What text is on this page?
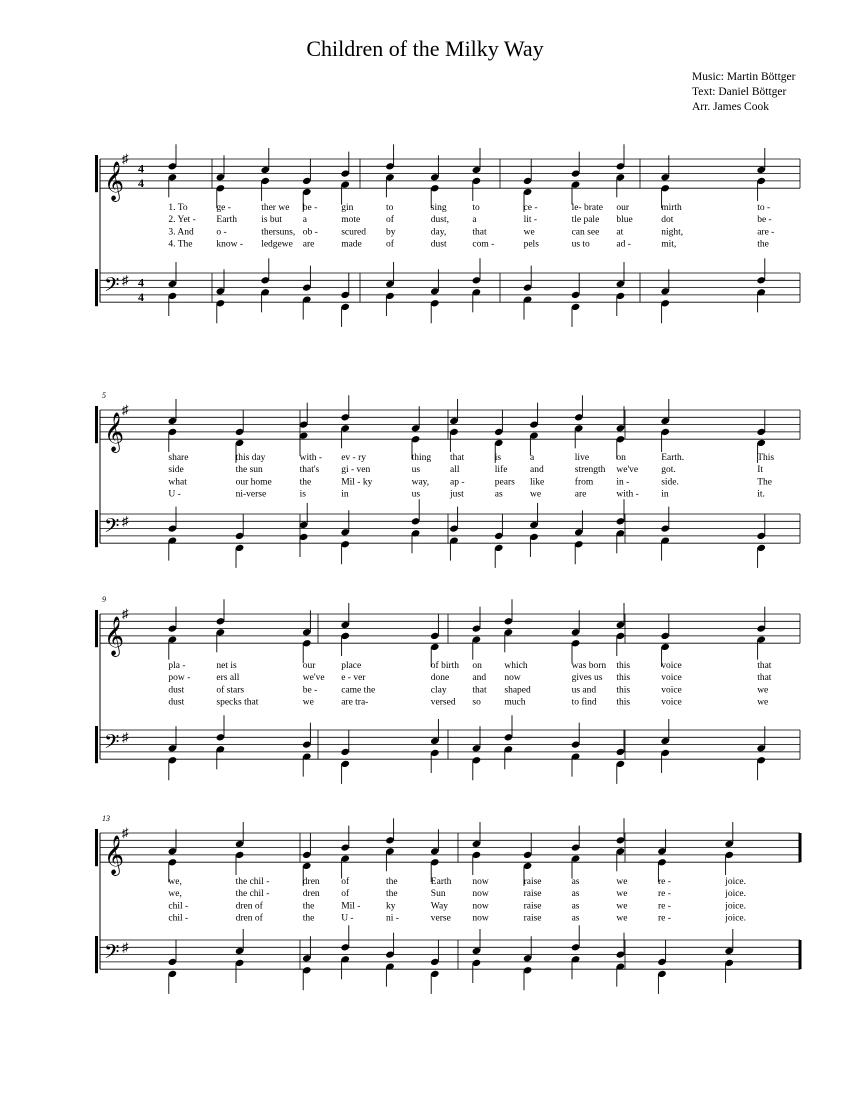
Children of the Milky Way
Music: Martin Böttger
Text: Daniel Böttger
Arr. James Cook
𝄞
𝄢
♯
♯
4
4
4
4
1. To
2. Yet -
3. And
4. The
ge -
Earth
o -
know -
ther we
is but
thersuns,
ledgewe
be -
a
ob -
are
gin
mote
scured
made
to
of
by
of
sing
dust,
day,
dust
to
a
that
com -
ce -
lit -
we
pels
le- brate
tle pale
can see
us to
our
blue
at
ad -
mirth
dot
night,
mit,
to -
be -
are -
the
𝄞
𝄢
♯
♯
5
share
side
what
U -
this day
the sun
our home
ni-verse
with -
that's
the
is
ev - ry
gi - ven
Mil - ky
in
thing
us
way,
us
that
all
ap -
just
is
life
pears
as
a
and
like
we
live
strength
from
are
on
we've
in -
with -
Earth.
got.
side.
in
This
It
The
it.
𝄞
𝄢
♯
♯
9
pla -
pow -
dust
dust
net is
ers all
of stars
specks that
our
we've
be -
we
place
e - ver
came the
are tra-
of birth
done
clay
versed
on
and
that
so
which
now
shaped
much
was born
gives us
us and
to find
this
this
this
this
voice
voice
voice
voice
that
that
we
we
𝄞
𝄢
♯
♯
13
we,
we,
chil -
chil -
the chil -
the chil -
dren of
dren of
dren
dren
the
the
of
of
Mil -
U -
the
the
ky
ni -
Earth
Sun
Way
verse
now
now
now
now
raise
raise
raise
raise
as
as
as
as
we
we
we
we
re -
re -
re -
re -
joice.
joice.
joice.
joice.
